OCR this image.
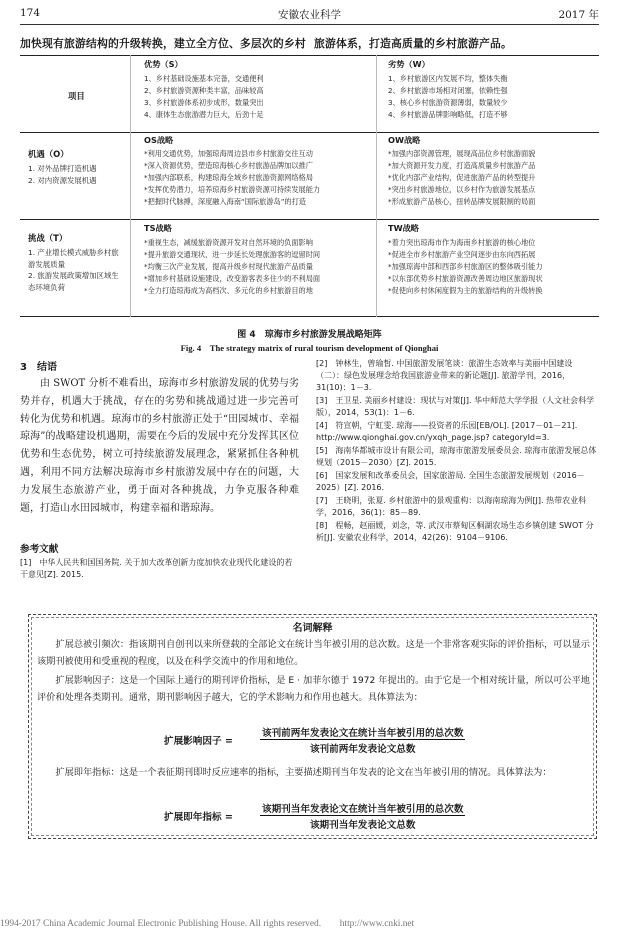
174	安徽农业科学	2017 年
加快现有旅游结构的升级转换，建立全方位、多层次的乡村 旅游体系，打造高质量的乡村旅游产品。
项目
优势（S）
1、乡村基础设施基本完备，交通便利
2、乡村旅游资源种类丰富，品味较高
3、乡村旅游体系初步成形，数量突出
4、康体生态旅游潜力巨大，后劲十足
劣势（W）
1、乡村旅游区内发展不均，整体失衡
2、乡村旅游市场相对闭塞，依赖性强
3、核心乡村旅游资源薄弱，数量较少
4、乡村旅游品牌影响略低，打造不够
机遇（O）
1. 对外品牌打造机遇
2. 对内资源发展机遇
OS战略
*利用交通优势，加强琼海周边县市乡村旅游交往互动
*深入资源优势，塑造琼海核心乡村旅游品牌加以推广
*加强内部联系，构建琼海全域乡村旅游资源网络格局
*发挥优势潜力，培养琼海乡村旅游资源可持续发展能力
*把握时代脉搏，深度融入海南“国际旅游岛”的打造
OW战略
*加强内部资源管理，展现高品位乡村旅游面貌
*加大资源开发力度，打造高质量乡村旅游产品
*优化内部产业结构，促进旅游产品的转型提升
*突出乡村旅游地位，以乡村作为旅游发展基点
*形成旅游产品核心，扭转品牌发展限制的局面
挑战（T）
1. 产业增长模式威胁乡村旅游发展质量
2. 旅游发展政策增加区域生态环境负荷
TS战略
*重视生态，减缓旅游资源开发对自然环境的负面影响
*提升旅游交通现状，进一步延长处理旅游客的逗留时间
*均衡三次产业发展，提高升级乡村现代旅游产品质量
*增加乡村基础设施建设，改变游客表多住少的不利局面
*全力打造琼海成为高档次、多元化的乡村旅游目的地
TW战略
*着力突出琼海市作为海南乡村旅游的核心地位
*促进全市乡村旅游产业空间逐步由东向西拓展
*加强琼海中部和西部乡村旅游区的整体吸引能力
*以东部优势乡村旅游资源改善周边地区旅游现状
*促使向乡村休闲度假为主的旅游结构的升级转换
图 4　琼海市乡村旅游发展战略矩阵
Fig. 4　The strategy matrix of rural tourism development of Qionghai
3　结语
由 SWOT 分析不难看出，琼海市乡村旅游发展的优势与劣势并存，机遇大于挑战，存在的劣势和挑战通过进一步完善可转化为优势和机遇。琼海市的乡村旅游正处于“田园城市、幸福琼海”的战略建设机遇期，需要在今后的发展中充分发挥其区位优势和生态优势，树立可持续旅游发展理念，紧紧抓住各种机遇，利用不同方法解决琼海市乡村旅游发展中存在的问题，大力发展生态旅游产业，勇于面对各种挑战，力争克服各种难题，打造山水田园城市，构建幸福和谐琼海。
参考文献
[1]　中华人民共和国国务院. 关于加大改革创新力度加快农业现代化建设的若干意见[Z]. 2015.
[2]　钟林生，曾瑜皙. 中国旅游发展笔谈：旅游生态效率与美丽中国建设（二）：绿色发展理念给我国旅游业带来的新论题[J]. 旅游学刊，2016，31(10)：1－3.
[3]　王卫星. 美丽乡村建设：现状与对策[J]. 华中师范大学学报（人文社会科学版），2014，53(1)：1－6.
[4]　符宣朝，宁虹雯. 琼海——投资者的乐园[EB/OL]. [2017－01－21]. http://www.qionghai.gov.cn/yxqh_page.jsp? categoryId=3.
[5]　海南华都城市设计有限公司，琼海市旅游发展委员会. 琼海市旅游发展总体规划（2015－2030）[Z]. 2015.
[6]　国家发展和改革委员会，国家旅游局. 全国生态旅游发展规划（2016－2025）[Z]. 2016.
[7]　王晓明，张夏. 乡村旅游中的景观重构：以海南琼海为例[J]. 热带农业科学，2016，36(1)：85－89.
[8]　程畅，赵丽媛，刘念，等. 武汉市蔡甸区桐湖农场生态乡镇创建 SWOT 分析[J]. 安徽农业科学，2014，42(26)：9104－9106.
名词解释
扩展总被引频次：指该期刊自创刊以来所登载的全部论文在统计当年被引用的总次数。这是一个非常客观实际的评价指标，可以显示该期刊被使用和受重视的程度，以及在科学交流中的作用和地位。
扩展影响因子：这是一个国际上通行的期刊评价指标，是 E · 加菲尔德于 1972 年提出的。由于它是一个相对统计量，所以可公平地评价和处理各类期刊。通常，期刊影响因子越大，它的学术影响力和作用也越大。具体算法为：
扩展影响因子 =
该刊前两年发表论文在统计当年被引用的总次数
该刊前两年发表论文总数
扩展即年指标：这是一个表征期刊即时反应速率的指标，主要描述期刊当年发表的论文在当年被引用的情况。具体算法为：
扩展即年指标 =
该期刊当年发表论文在统计当年被引用的总次数
该期刊当年发表论文总数
1994-2017 China Academic Journal Electronic Publishing House. All rights reserved.　　http://www.cnki.net
